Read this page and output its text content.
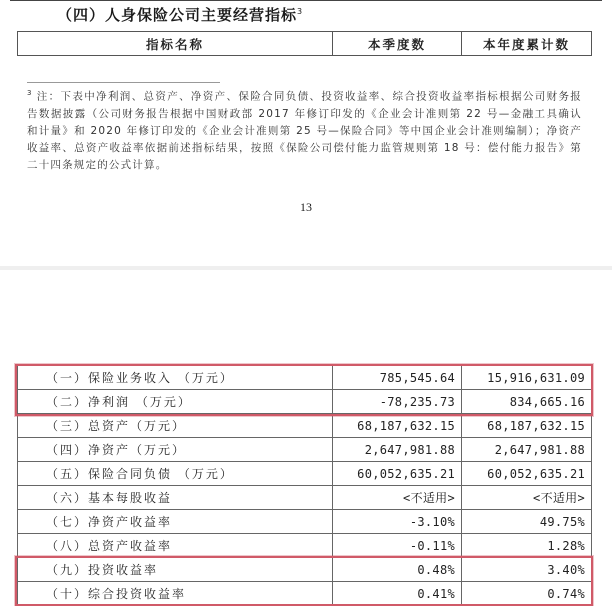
（四）人身保险公司主要经营指标$^3$
指标名称	本季度数	本年度累计数
$^3$ 注：下表中净利润、总资产、净资产、保险合同负债、投资收益率、综合投资收益率指标根据公司财务报告数据披露（公司财务报告根据中国财政部 2017 年修订印发的《企业会计准则第 22 号—金融工具确认和计量》和 2020 年修订印发的《企业会计准则第 25 号—保险合同》等中国企业会计准则编制）；净资产收益率、总资产收益率依据前述指标结果，按照《保险公司偿付能力监管规则第 18 号：偿付能力报告》第二十四条规定的公式计算。
13
（一）保险业务收入 （万元）	785,545.64	15,916,631.09
（二）净利润 （万元）	-78,235.73	834,665.16
（三）总资产（万元）	68,187,632.15	68,187,632.15
（四）净资产（万元）	2,647,981.88	2,647,981.88
（五）保险合同负债 （万元）	60,052,635.21	60,052,635.21
（六）基本每股收益	<不适用>	<不适用>
（七）净资产收益率	-3.10%	49.75%
（八）总资产收益率	-0.11%	1.28%
（九）投资收益率	0.48%	3.40%
（十）综合投资收益率	0.41%	0.74%
